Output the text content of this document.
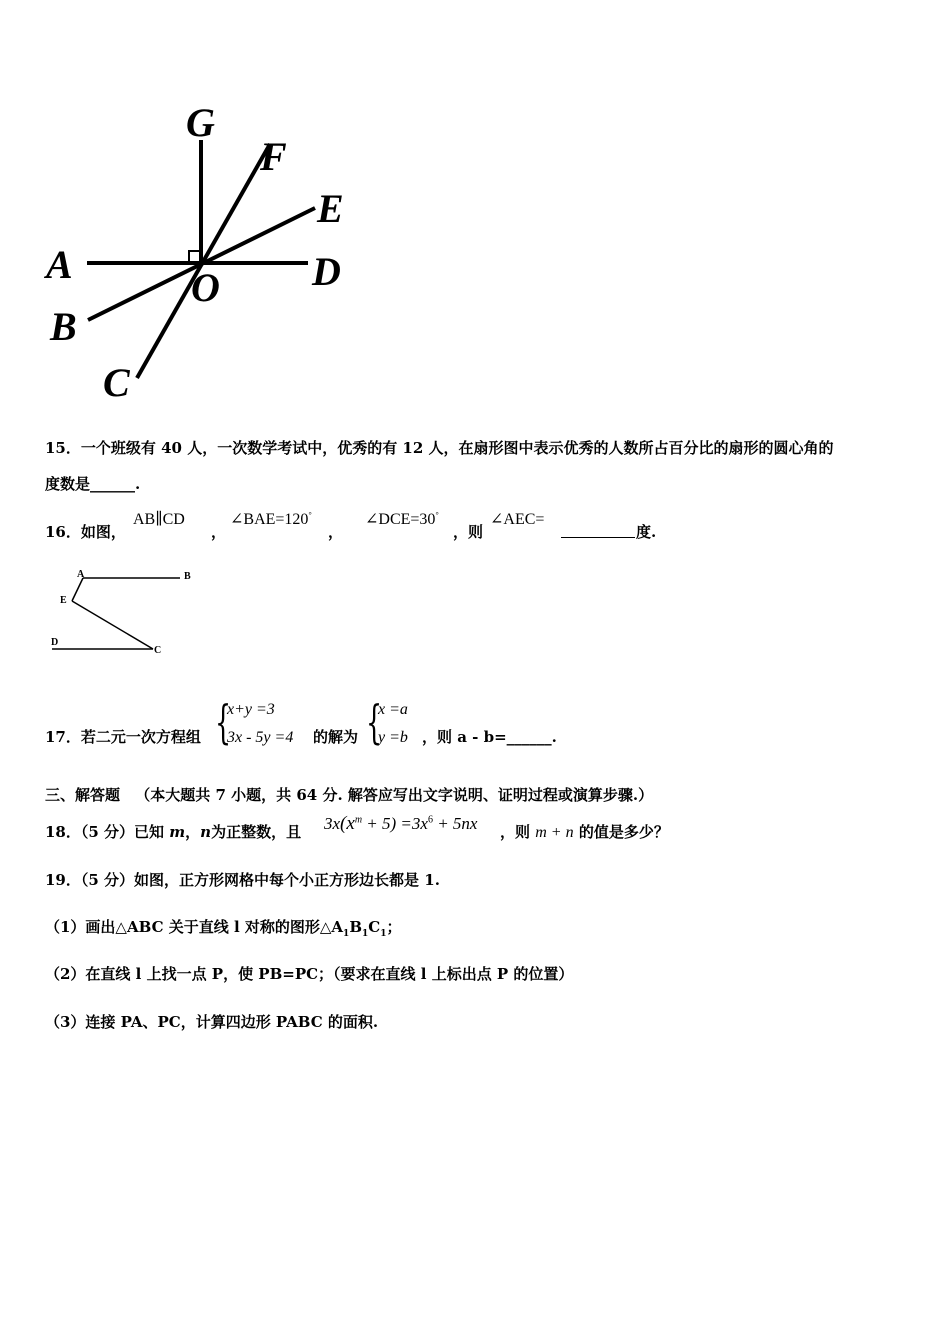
G
F
E
A
O D
B
C
15．一个班级有 40 人，一次数学考试中，优秀的有 12 人，在扇形图中表示优秀的人数所占百分比的扇形的圆心角的
度数是______.
16．如图，
AB∥CD
，
∠BAE=120°
，
∠DCE=30°
，则
∠AEC=
度.
A
E
D
B
C
17．若二元一次方程组 {
x+y =3
3x - 5y =4 的解为 {
x =a
y =b ，则 a - b=______.
三、解答题 （本大题共 7 小题，共 64 分. 解答应写出文字说明、证明过程或演算步骤.）
18．（5 分）已知 m，n为正整数，且 $3x(x^m + 5) =3x^6 + 5nx$ ，则 m + n 的值是多少？
19．（5 分）如图，正方形网格中每个小正方形边长都是 1.
（1）画出△ABC 关于直线 l 对称的图形$\triangle A_1B_1C_1$；
（2）在直线 l 上找一点 P，使 PB=PC；（要求在直线 l 上标出点 P 的位置）
（3）连接 PA、PC，计算四边形 PABC 的面积.
